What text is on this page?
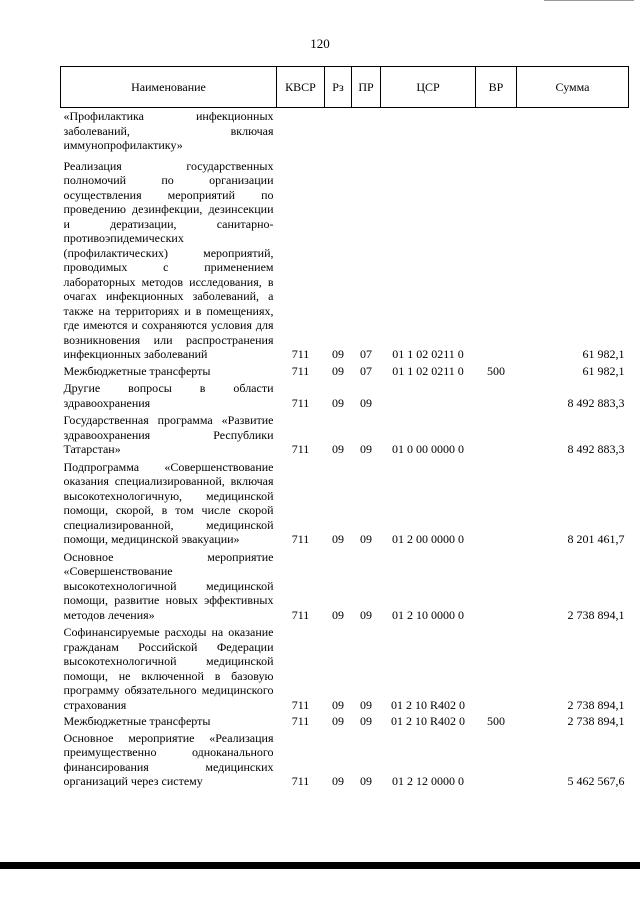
120
Наименование	КВСР	Рз	ПР	ЦСР	ВР	Сумма
«Профилактика инфекционных заболеваний, включая иммунопрофилактику»						
Реализация государственных полномочий по организации осуществления мероприятий по проведению дезинфекции, дезинсекции и дератизации, санитарно-противоэпидемических (профилактических) мероприятий, проводимых с применением лабораторных методов исследования, в очагах инфекционных заболеваний, а также на территориях и в помещениях, где имеются и сохраняются условия для возникновения или распространения инфекционных заболеваний	711	09	07	01 1 02 0211 0		61 982,1
Межбюджетные трансферты	711	09	07	01 1 02 0211 0	500	61 982,1
Другие вопросы в области здравоохранения	711	09	09			8 492 883,3
Государственная программа «Развитие здравоохранения Республики Татарстан»	711	09	09	01 0 00 0000 0		8 492 883,3
Подпрограмма «Совершенствование оказания специализированной, включая высокотехнологичную, медицинской помощи, скорой, в том числе скорой специализированной, медицинской помощи, медицинской эвакуации»	711	09	09	01 2 00 0000 0		8 201 461,7
Основное мероприятие «Совершенствование высокотехнологичной медицинской помощи, развитие новых эффективных методов лечения»	711	09	09	01 2 10 0000 0		2 738 894,1
Софинансируемые расходы на оказание гражданам Российской Федерации высокотехнологичной медицинской помощи, не включенной в базовую программу обязательного медицинского страхования	711	09	09	01 2 10 R402 0		2 738 894,1
Межбюджетные трансферты	711	09	09	01 2 10 R402 0	500	2 738 894,1
Основное мероприятие «Реализация преимущественно одноканального финансирования медицинских организаций через систему	711	09	09	01 2 12 0000 0		5 462 567,6
